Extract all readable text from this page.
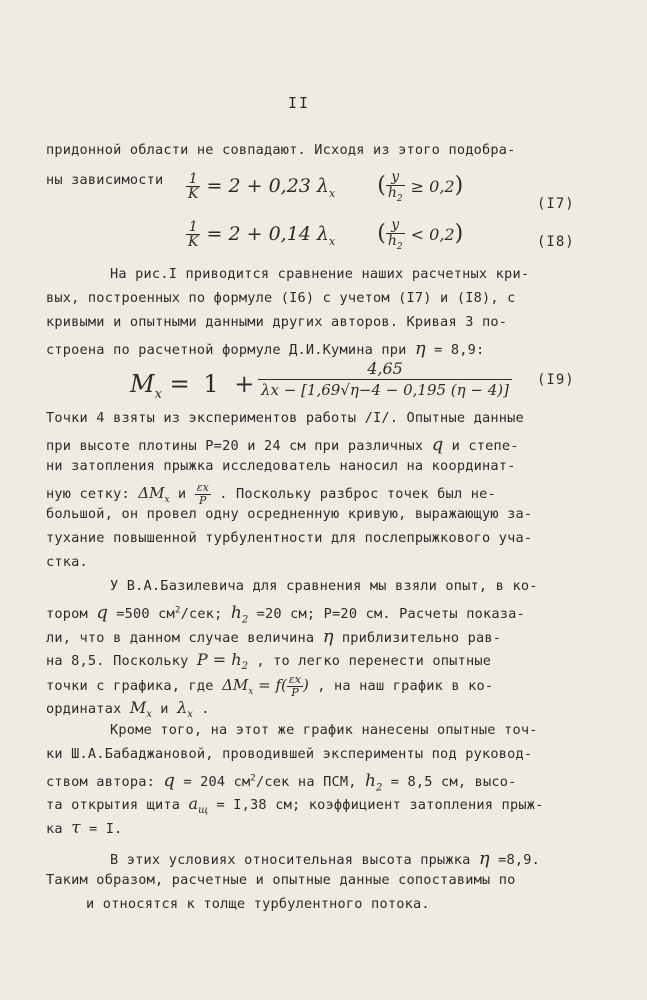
II
придонной области не совпадают. Исходя из этого подобра-
ны зависимости $\frac{1}{K} = 2 + 0,23$ $\lambda_x$ ( $\frac{y}{h_2} \ge 0,2$)
(I7)
$\frac{1}{K} = 2 + 0,14$ $\lambda_x$ ( $\frac{y}{h_2} < 0,2$)	(I8)
На рис.I приводится сравнение наших расчетных кри-
вых, построенных по формуле (I6) с учетом (I7) и (I8), с
кривыми и опытными данными других авторов. Кривая 3 по-
строена по расчетной формуле Д.И.Кумина при η = 8,9:
$M_x = 1 + \frac{4,65}{\lambda x - [1,69√\eta-4 - 0,195 (\eta - 4)]} (I9)$
Точки 4 взяты из экспериментов работы /I/. Опытные данные
при высоте плотины P=20 и 24 см при различных q и степе-
ни затопления прыжка исследователь наносил на координат-
ную сетку: $\Delta M_x$ и $\frac{\varepsilon x}{P}$ . Поскольку разброс точек был не-
большой, он провел одну осредненную кривую, выражающую за-
тухание повышенной турбулентности для послепрыжкового уча-
стка.
У В.А.Базилевича для сравнения мы взяли опыт, в ко-
тором q =500 $см^2$/сек; $h_2 =20$ см; P=20 см. Расчеты показа-
ли, что в данном случае величина η приблизительно рав-
на 8,5. Поскольку $P = h_2$ , то легко перенести опытные
точки с графика, где $\Delta M_x = f( \frac{\varepsilon x}{P}$ ) , на наш график в ко-
ординатах $M_x$ и $\lambda_x$ .
Кроме того, на этот же график нанесены опытные точ-
ки Ш.А.Бабаджановой, проводившей эксперименты под руковод-
ством автора: q = 204 $см^2$/сек на ПСМ, $h_2 = 8,5$ см, высо-
та открытия щита $a_щ = I,38$ см; коэффициент затопления прыж-
ка τ = I.
В этих условиях относительная высота прыжка η =8,9.
Таким образом, расчетные и опытные данные сопоставимы по
и относятся к толще турбулентного потока.
